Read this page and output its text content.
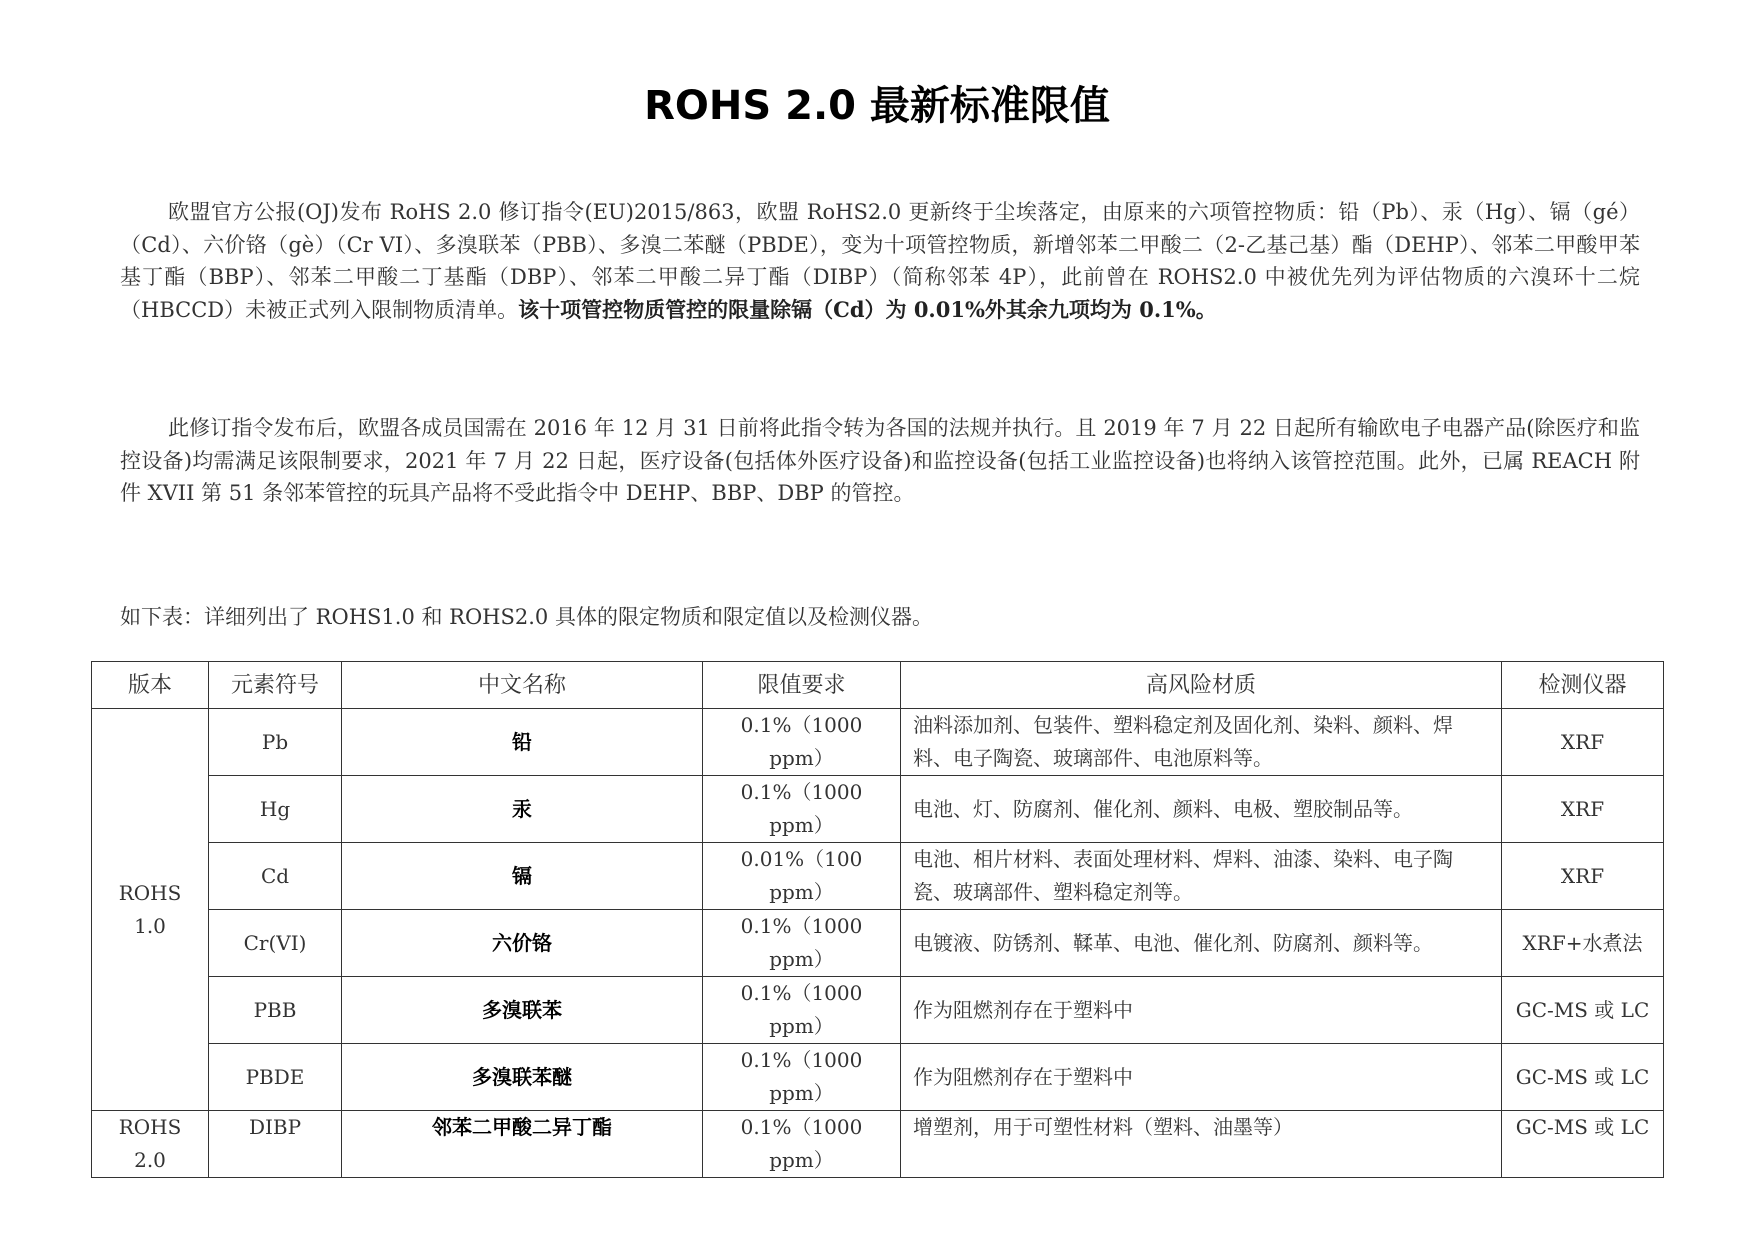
ROHS 2.0 最新标准限值

欧盟官方公报(OJ)发布 RoHS 2.0 修订指令(EU)2015/863，欧盟 RoHS2.0 更新终于尘埃落定，由原来的六项管控物质：铅（Pb）、汞（Hg）、镉（gé）（Cd）、六价铬（gè）（Cr VI）、多溴联苯（PBB）、多溴二苯醚（PBDE），变为十项管控物质，新增邻苯二甲酸二（2-乙基己基）酯（DEHP）、邻苯二甲酸甲苯基丁酯（BBP）、邻苯二甲酸二丁基酯（DBP）、邻苯二甲酸二异丁酯（DIBP）（简称邻苯 4P），此前曾在 ROHS2.0 中被优先列为评估物质的六溴环十二烷（HBCCD）未被正式列入限制物质清单。该十项管控物质管控的限量除镉（Cd）为 0.01%外其余九项均为 0.1%。

此修订指令发布后，欧盟各成员国需在 2016 年 12 月 31 日前将此指令转为各国的法规并执行。且 2019 年 7 月 22 日起所有输欧电子电器产品(除医疗和监控设备)均需满足该限制要求，2021 年 7 月 22 日起，医疗设备(包括体外医疗设备)和监控设备(包括工业监控设备)也将纳入该管控范围。此外，已属 REACH 附件 XVII 第 51 条邻苯管控的玩具产品将不受此指令中 DEHP、BBP、DBP 的管控。

如下表：详细列出了 ROHS1.0 和 ROHS2.0 具体的限定物质和限定值以及检测仪器。
版本	元素符号	中文名称	限值要求	高风险材质	检测仪器
ROHS 1.0	Pb	铅	0.1%（1000 ppm）	油料添加剂、包装件、塑料稳定剂及固化剂、染料、颜料、焊料、电子陶瓷、玻璃部件、电池原料等。	XRF
	Hg	汞	0.1%（1000 ppm）	电池、灯、防腐剂、催化剂、颜料、电极、塑胶制品等。	XRF
	Cd	镉	0.01%（100 ppm）	电池、相片材料、表面处理材料、焊料、油漆、染料、电子陶瓷、玻璃部件、塑料稳定剂等。	XRF
	Cr(VI)	六价铬	0.1%（1000 ppm）	电镀液、防锈剂、鞣革、电池、催化剂、防腐剂、颜料等。	XRF+水煮法
	PBB	多溴联苯	0.1%（1000 ppm）	作为阻燃剂存在于塑料中	GC-MS 或 LC
	PBDE	多溴联苯醚	0.1%（1000 ppm）	作为阻燃剂存在于塑料中	GC-MS 或 LC
ROHS 2.0	DIBP	邻苯二甲酸二异丁酯	0.1%（1000 ppm）	增塑剂，用于可塑性材料（塑料、油墨等）	GC-MS 或 LC
